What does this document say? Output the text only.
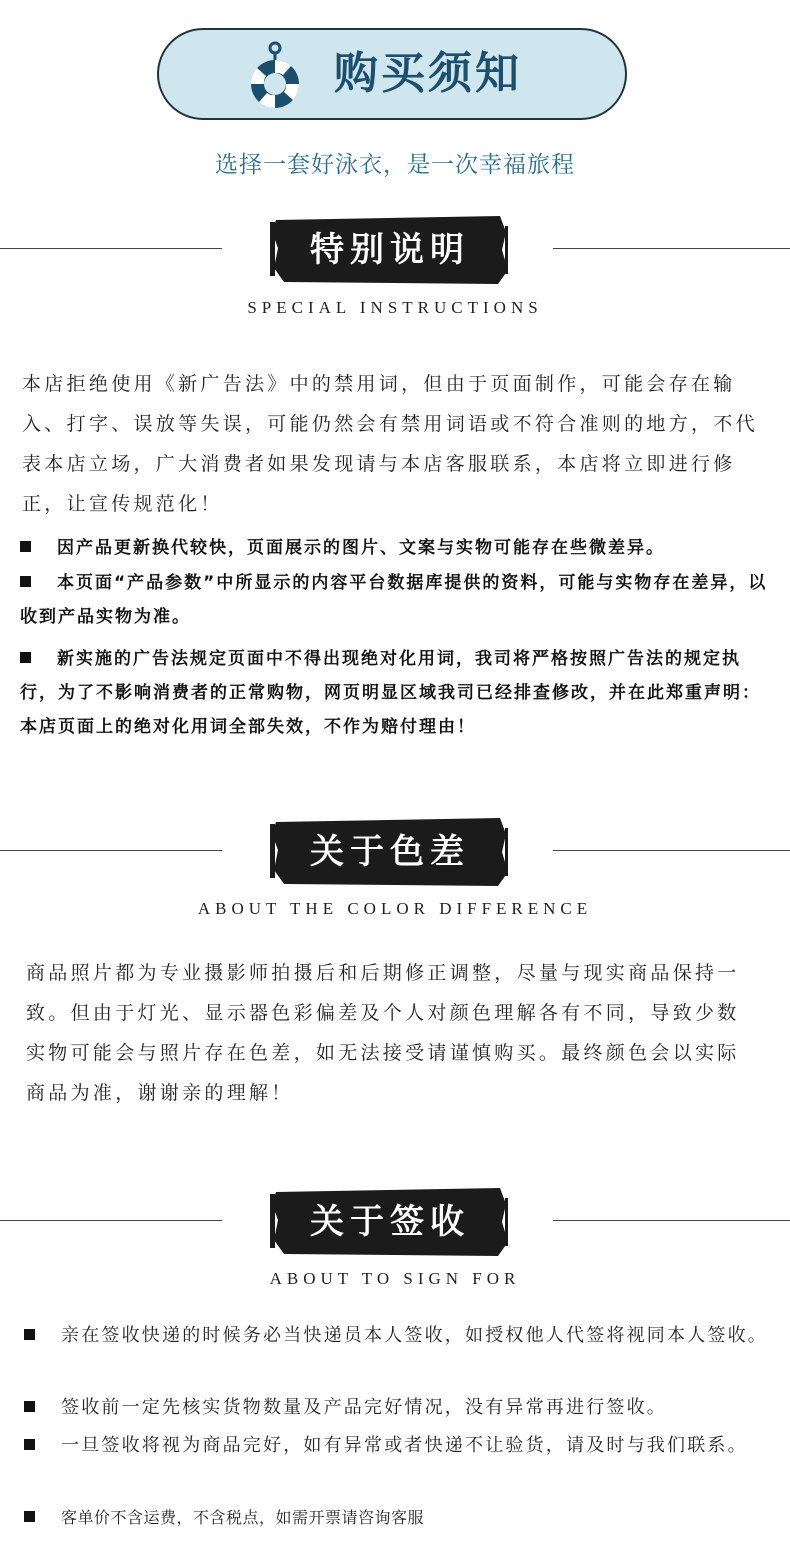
购买须知
选择一套好泳衣，是一次幸福旅程
特别说明
SPECIAL INSTRUCTIONS

本店拒绝使用《新广告法》中的禁用词，但由于页面制作，可能会存在输入、打字、误放等失误，可能仍然会有禁用词语或不符合准则的地方，不代表本店立场，广大消费者如果发现请与本店客服联系，本店将立即进行修正，让宣传规范化！

因产品更新换代较快，页面展示的图片、文案与实物可能存在些微差异。

本页面“产品参数”中所显示的内容平台数据库提供的资料，可能与实物存在差异，以收到产品实物为准。

新实施的广告法规定页面中不得出现绝对化用词，我司将严格按照广告法的规定执行，为了不影响消费者的正常购物，网页明显区域我司已经排查修改，并在此郑重声明：本店页面上的绝对化用词全部失效，不作为赔付理由！

关于色差
ABOUT THE COLOR DIFFERENCE

商品照片都为专业摄影师拍摄后和后期修正调整，尽量与现实商品保持一致。但由于灯光、显示器色彩偏差及个人对颜色理解各有不同，导致少数实物可能会与照片存在色差，如无法接受请谨慎购买。最终颜色会以实际商品为准，谢谢亲的理解！

关于签收
ABOUT TO SIGN FOR

亲在签收快递的时候务必当快递员本人签收，如授权他人代签将视同本人签收。

签收前一定先核实货物数量及产品完好情况，没有异常再进行签收。

一旦签收将视为商品完好，如有异常或者快递不让验货，请及时与我们联系。

客单价不含运费，不含税点，如需开票请咨询客服
